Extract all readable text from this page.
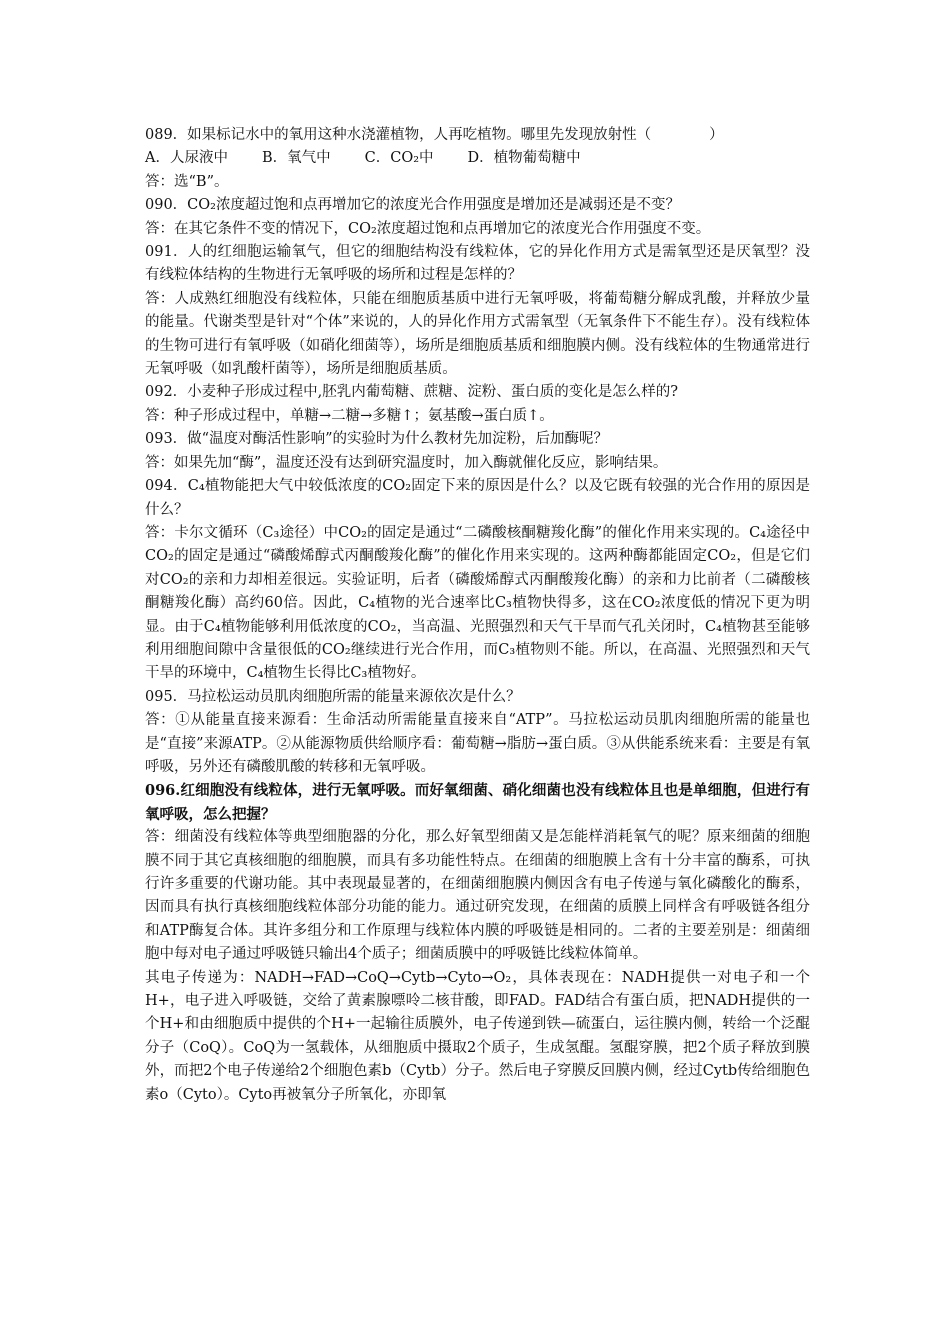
089．如果标记水中的氧用这种水浇灌植物，人再吃植物。哪里先发现放射性（　　　　）
A．人尿液中 B．氧气中 C．CO₂中 D．植物葡萄糖中
答：选“B”。
090．CO₂浓度超过饱和点再增加它的浓度光合作用强度是增加还是减弱还是不变？
答：在其它条件不变的情况下，CO₂浓度超过饱和点再增加它的浓度光合作用强度不变。
091．人的红细胞运输氧气，但它的细胞结构没有线粒体，它的异化作用方式是需氧型还是厌氧型？没有线粒体结构的生物进行无氧呼吸的场所和过程是怎样的？
答：人成熟红细胞没有线粒体，只能在细胞质基质中进行无氧呼吸，将葡萄糖分解成乳酸，并释放少量的能量。代谢类型是针对“个体”来说的，人的异化作用方式需氧型（无氧条件下不能生存）。没有线粒体的生物可进行有氧呼吸（如硝化细菌等），场所是细胞质基质和细胞膜内侧。没有线粒体的生物通常进行无氧呼吸（如乳酸杆菌等），场所是细胞质基质。
092．小麦种子形成过程中,胚乳内葡萄糖、蔗糖、淀粉、蛋白质的变化是怎么样的?
答：种子形成过程中，单糖→二糖→多糖↑；氨基酸→蛋白质↑。
093．做“温度对酶活性影响”的实验时为什么教材先加淀粉，后加酶呢？
答：如果先加“酶”，温度还没有达到研究温度时，加入酶就催化反应，影响结果。
094．C₄植物能把大气中较低浓度的CO₂固定下来的原因是什么？以及它既有较强的光合作用的原因是什么？
答：卡尔文循环（C₃途径）中CO₂的固定是通过“二磷酸核酮糖羧化酶”的催化作用来实现的。C₄途径中CO₂的固定是通过“磷酸烯醇式丙酮酸羧化酶”的催化作用来实现的。这两种酶都能固定CO₂，但是它们对CO₂的亲和力却相差很远。实验证明，后者（磷酸烯醇式丙酮酸羧化酶）的亲和力比前者（二磷酸核酮糖羧化酶）高约60倍。因此，C₄植物的光合速率比C₃植物快得多，这在CO₂浓度低的情况下更为明显。由于C₄植物能够利用低浓度的CO₂，当高温、光照强烈和天气干旱而气孔关闭时，C₄植物甚至能够利用细胞间隙中含量很低的CO₂继续进行光合作用，而C₃植物则不能。所以，在高温、光照强烈和天气干旱的环境中，C₄植物生长得比C₃植物好。
095．马拉松运动员肌肉细胞所需的能量来源依次是什么？
答：①从能量直接来源看：生命活动所需能量直接来自“ATP”。马拉松运动员肌肉细胞所需的能量也是“直接”来源ATP。②从能源物质供给顺序看：葡萄糖→脂肪→蛋白质。③从供能系统来看：主要是有氧呼吸，另外还有磷酸肌酸的转移和无氧呼吸。
096.红细胞没有线粒体，进行无氧呼吸。而好氧细菌、硝化细菌也没有线粒体且也是单细胞，但进行有氧呼吸，怎么把握？
答：细菌没有线粒体等典型细胞器的分化，那么好氧型细菌又是怎能样消耗氧气的呢？原来细菌的细胞膜不同于其它真核细胞的细胞膜，而具有多功能性特点。在细菌的细胞膜上含有十分丰富的酶系，可执行许多重要的代谢功能。其中表现最显著的，在细菌细胞膜内侧因含有电子传递与氧化磷酸化的酶系，因而具有执行真核细胞线粒体部分功能的能力。通过研究发现，在细菌的质膜上同样含有呼吸链各组分和ATP酶复合体。其许多组分和工作原理与线粒体内膜的呼吸链是相同的。二者的主要差别是：细菌细胞中每对电子通过呼吸链只输出4个质子；细菌质膜中的呼吸链比线粒体简单。
其电子传递为：NADH→FAD→CoQ→Cytb→Cyto→O₂，具体表现在：NADH提供一对电子和一个H+，电子进入呼吸链，交给了黄素腺嘌呤二核苷酸，即FAD。FAD结合有蛋白质，把NADH提供的一个H+和由细胞质中提供的个H+一起输往质膜外，电子传递到铁—硫蛋白，运往膜内侧，转给一个泛醌分子（CoQ）。CoQ为一氢载体，从细胞质中摄取2个质子，生成氢醌。氢醌穿膜，把2个质子释放到膜外，而把2个电子传递给2个细胞色素b（Cytb）分子。然后电子穿膜反回膜内侧，经过Cytb传给细胞色素o（Cyto）。Cyto再被氧分子所氧化，亦即氧
